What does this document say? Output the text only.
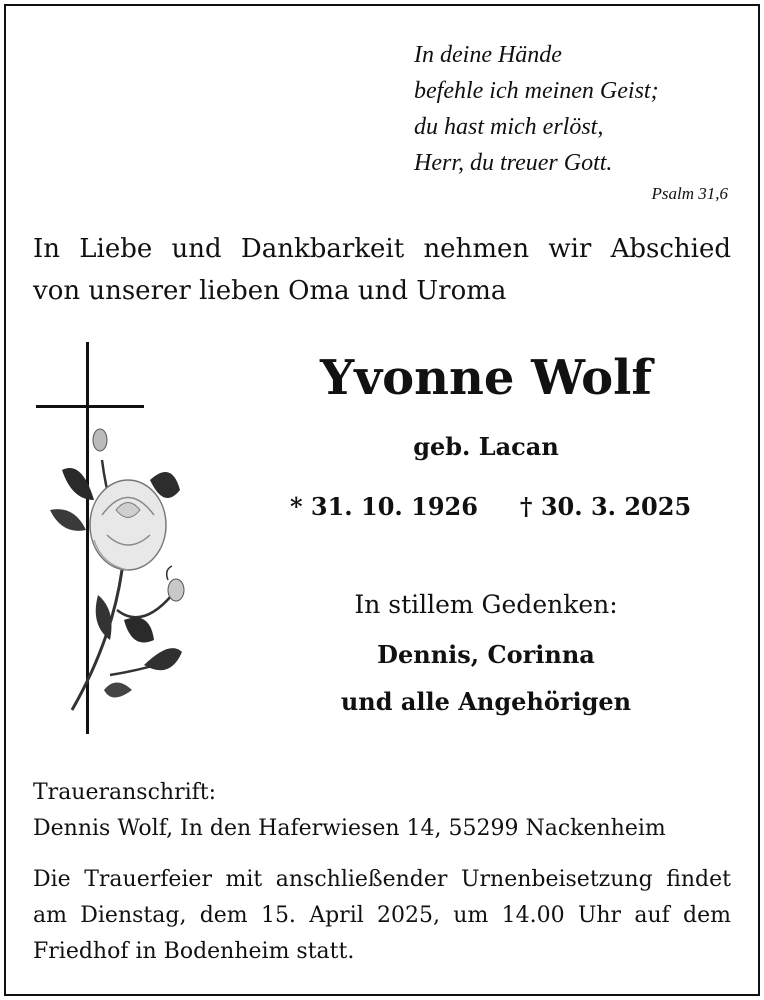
In deine Hände
befehle ich meinen Geist;
du hast mich erlöst,
Herr, du treuer Gott.
Psalm 31,6
In Liebe und Dankbarkeit nehmen wir Abschied
von unserer lieben Oma und Uroma
Yvonne Wolf
geb. Lacan
* 31. 10. 1926 † 30. 3. 2025
In stillem Gedenken:
Dennis, Corinna
und alle Angehörigen
Traueranschrift:
Dennis Wolf, In den Haferwiesen 14, 55299 Nackenheim
Die Trauerfeier mit anschließender Urnenbeisetzung findet
am Dienstag, dem 15. April 2025, um 14.00 Uhr auf dem
Friedhof in Bodenheim statt.
